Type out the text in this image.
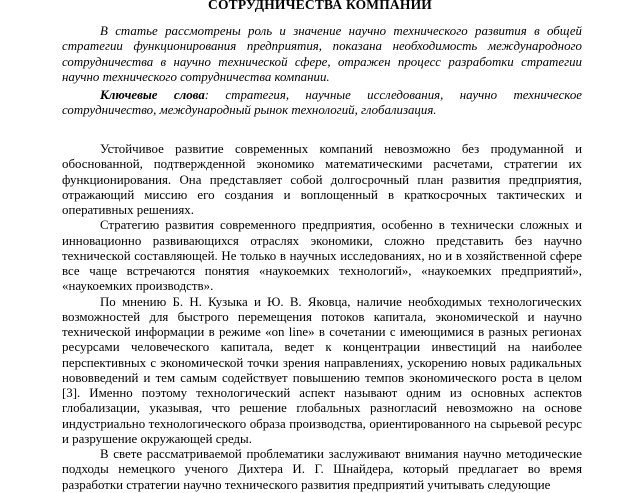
СОТРУДНИЧЕСТВА КОМПАНИИ
В статье рассмотрены роль и значение научно технического развития в общей стратегии функционирования предприятия, показана необходимость международного сотрудничества в научно технической сфере, отражен процесс разработки стратегии научно технического сотрудничества компании.
Ключевые слова: стратегия, научные исследования, научно техническое сотрудничество, международный рынок технологий, глобализация.

Устойчивое развитие современных компаний невозможно без продуманной и обоснованной, подтвержденной экономико математическими расчетами, стратегии их функционирования. Она представляет собой долгосрочный план развития предприятия, отражающий миссию его создания и воплощенный в краткосрочных тактических и оперативных решениях.

Стратегию развития современного предприятия, особенно в технически сложных и инновационно развивающихся отраслях экономики, сложно представить без научно технической составляющей. Не только в научных исследованиях, но и в хозяйственной сфере все чаще встречаются понятия «наукоемких технологий», «наукоемких предприятий», «наукоемких производств».

По мнению Б. Н. Кузыка и Ю. В. Яковца, наличие необходимых технологических возможностей для быстрого перемещения потоков капитала, экономической и научно технической информации в режиме «on line» в сочетании с имеющимися в разных регионах ресурсами человеческого капитала, ведет к концентрации инвестиций на наиболее перспективных с экономической точки зрения направлениях, ускорению новых радикальных нововведений и тем самым содействует повышению темпов экономического роста в целом [3]. Именно поэтому технологический аспект называют одним из основных аспектов глобализации, указывая, что решение глобальных разногласий невозможно на основе индустриально технологического образа производства, ориентированного на сырьевой ресурс и разрушение окружающей среды.

В свете рассматриваемой проблематики заслуживают внимания научно методические подходы немецкого ученого Дихтера И. Г. Шнайдера, который предлагает во время разработки стратегии научно технического развития предприятий учитывать следующие
